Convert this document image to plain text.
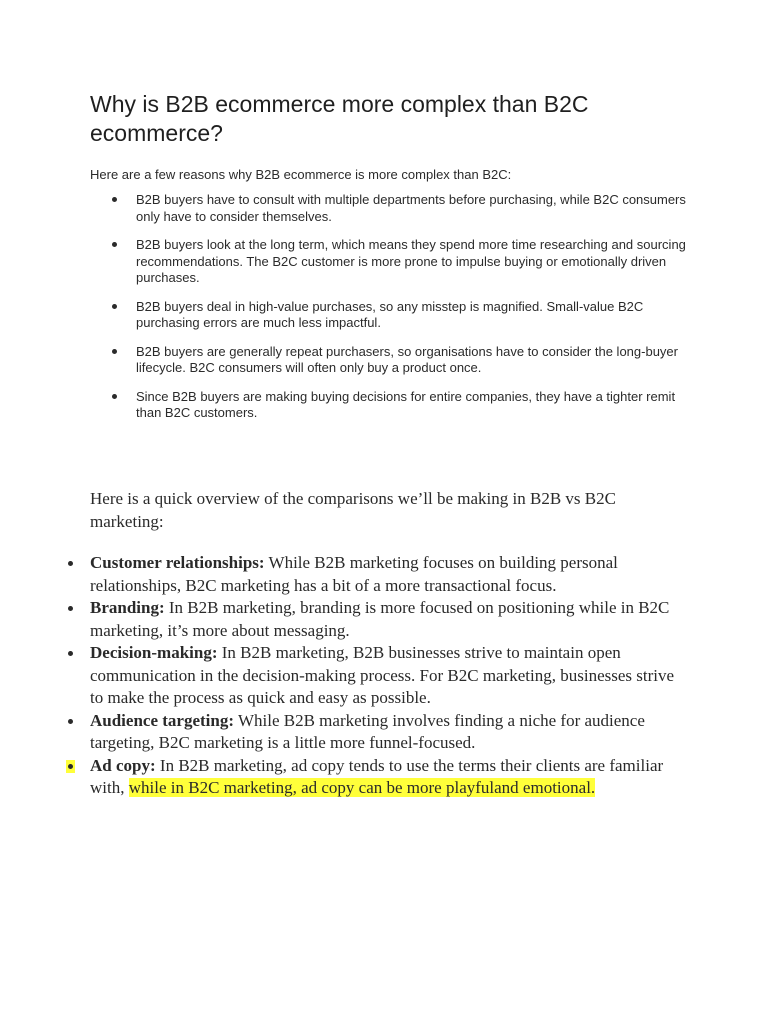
Why is B2B ecommerce more complex than B2C ecommerce?

Here are a few reasons why B2B ecommerce is more complex than B2C:

B2B buyers have to consult with multiple departments before purchasing, while B2C consumers only have to consider themselves.
B2B buyers look at the long term, which means they spend more time researching and sourcing recommendations. The B2C customer is more prone to impulse buying or emotionally driven purchases.
B2B buyers deal in high-value purchases, so any misstep is magnified. Small-value B2C purchasing errors are much less impactful.
B2B buyers are generally repeat purchasers, so organisations have to consider the long-buyer lifecycle. B2C consumers will often only buy a product once.
Since B2B buyers are making buying decisions for entire companies, they have a tighter remit than B2C customers.

Here is a quick overview of the comparisons we’ll be making in B2B vs B2C marketing:

Customer relationships: While B2B marketing focuses on building personal relationships, B2C marketing has a bit of a more transactional focus.
Branding: In B2B marketing, branding is more focused on positioning while in B2C marketing, it’s more about messaging.
Decision-making: In B2B marketing, B2B businesses strive to maintain open communication in the decision-making process. For B2C marketing, businesses strive to make the process as quick and easy as possible.
Audience targeting: While B2B marketing involves finding a niche for audience targeting, B2C marketing is a little more funnel-focused.
Ad copy: In B2B marketing, ad copy tends to use the terms their clients are familiar with, while in B2C marketing, ad copy can be more playfuland emotional.
